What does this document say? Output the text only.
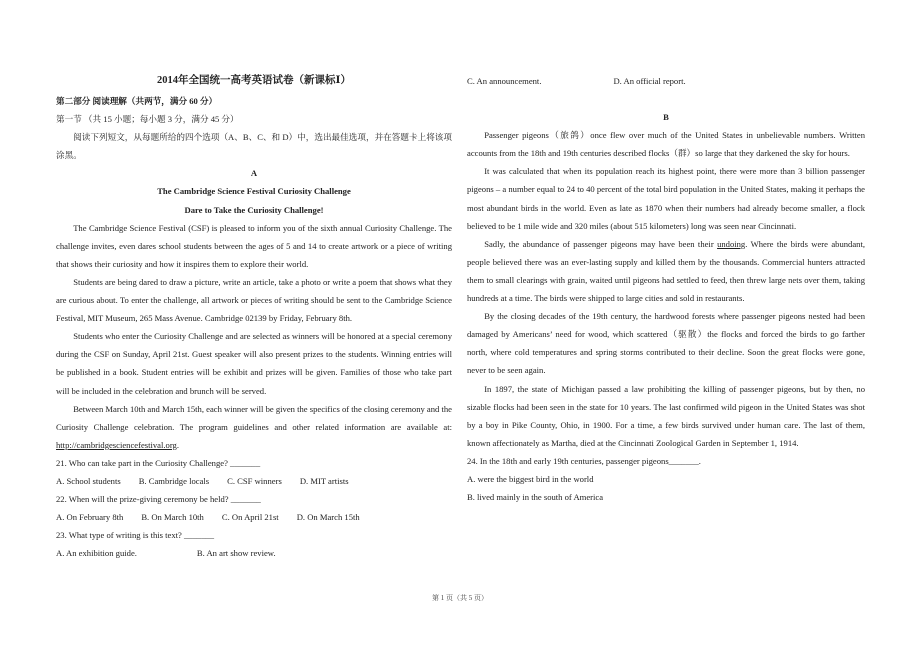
2014年全国统一高考英语试卷（新课标Ⅰ）
第二部分 阅读理解（共两节，满分 60 分）
第一节 （共 15 小题；每小题 3 分，满分 45 分）

阅读下列短文，从每题所给的四个选项（A、B、C、和 D）中，选出最佳选项，并在答题卡上将该项涂黑。

A
The Cambridge Science Festival Curiosity Challenge
Dare to Take the Curiosity Challenge!

The Cambridge Science Festival (CSF) is pleased to inform you of the sixth annual Curiosity Challenge. The challenge invites, even dares school students between the ages of 5 and 14 to create artwork or a piece of writing that shows their curiosity and how it inspires them to explore their world.

Students are being dared to draw a picture, write an article, take a photo or write a poem that shows what they are curious about. To enter the challenge, all artwork or pieces of writing should be sent to the Cambridge Science Festival, MIT Museum, 265 Mass Avenue. Cambridge 02139 by Friday, February 8th.

Students who enter the Curiosity Challenge and are selected as winners will be honored at a special ceremony during the CSF on Sunday, April 21st. Guest speaker will also present prizes to the students. Winning entries will be published in a book. Student entries will be exhibit and prizes will be given. Families of those who take part will be included in the celebration and brunch will be served.

Between March 10th and March 15th, each winner will be given the specifics of the closing ceremony and the Curiosity Challenge celebration. The program guidelines and other related information are available at: http://cambridgesciencefestival.org.

21. Who can take part in the Curiosity Challenge? _______
A. School students B. Cambridge locals C. CSF winners D. MIT artists
22. When will the prize-giving ceremony be held? _______
A. On February 8th B. On March 10th C. On April 21st D. On March 15th
23. What type of writing is this text? _______
A. An exhibition guide.	B. An art show review.
C. An announcement.	D. An official report.
B

Passenger pigeons（旅鸽）once flew over much of the United States in unbelievable numbers. Written accounts from the 18th and 19th centuries described flocks（群）so large that they darkened the sky for hours.

It was calculated that when its population reach its highest point, there were more than 3 billion passenger pigeons – a number equal to 24 to 40 percent of the total bird population in the United States, making it perhaps the most abundant birds in the world. Even as late as 1870 when their numbers had already become smaller, a flock believed to be 1 mile wide and 320 miles (about 515 kilometers) long was seen near Cincinnati.

Sadly, the abundance of passenger pigeons may have been their undoing. Where the birds were abundant, people believed there was an ever-lasting supply and killed them by the thousands. Commercial hunters attracted them to small clearings with grain, waited until pigeons had settled to feed, then threw large nets over them, taking hundreds at a time. The birds were shipped to large cities and sold in restaurants.

By the closing decades of the 19th century, the hardwood forests where passenger pigeons nested had been damaged by Americans’ need for wood, which scattered（驱散）the flocks and forced the birds to go farther north, where cold temperatures and spring storms contributed to their decline. Soon the great flocks were gone, never to be seen again.

In 1897, the state of Michigan passed a law prohibiting the killing of passenger pigeons, but by then, no sizable flocks had been seen in the state for 10 years. The last confirmed wild pigeon in the United States was shot by a boy in Pike County, Ohio, in 1900. For a time, a few birds survived under human care. The last of them, known affectionately as Martha, died at the Cincinnati Zoological Garden in September 1, 1914.

24. In the 18th and early 19th centuries, passenger pigeons_______.
A. were the biggest bird in the world
B. lived mainly in the south of America
第 1 页（共 5 页）
